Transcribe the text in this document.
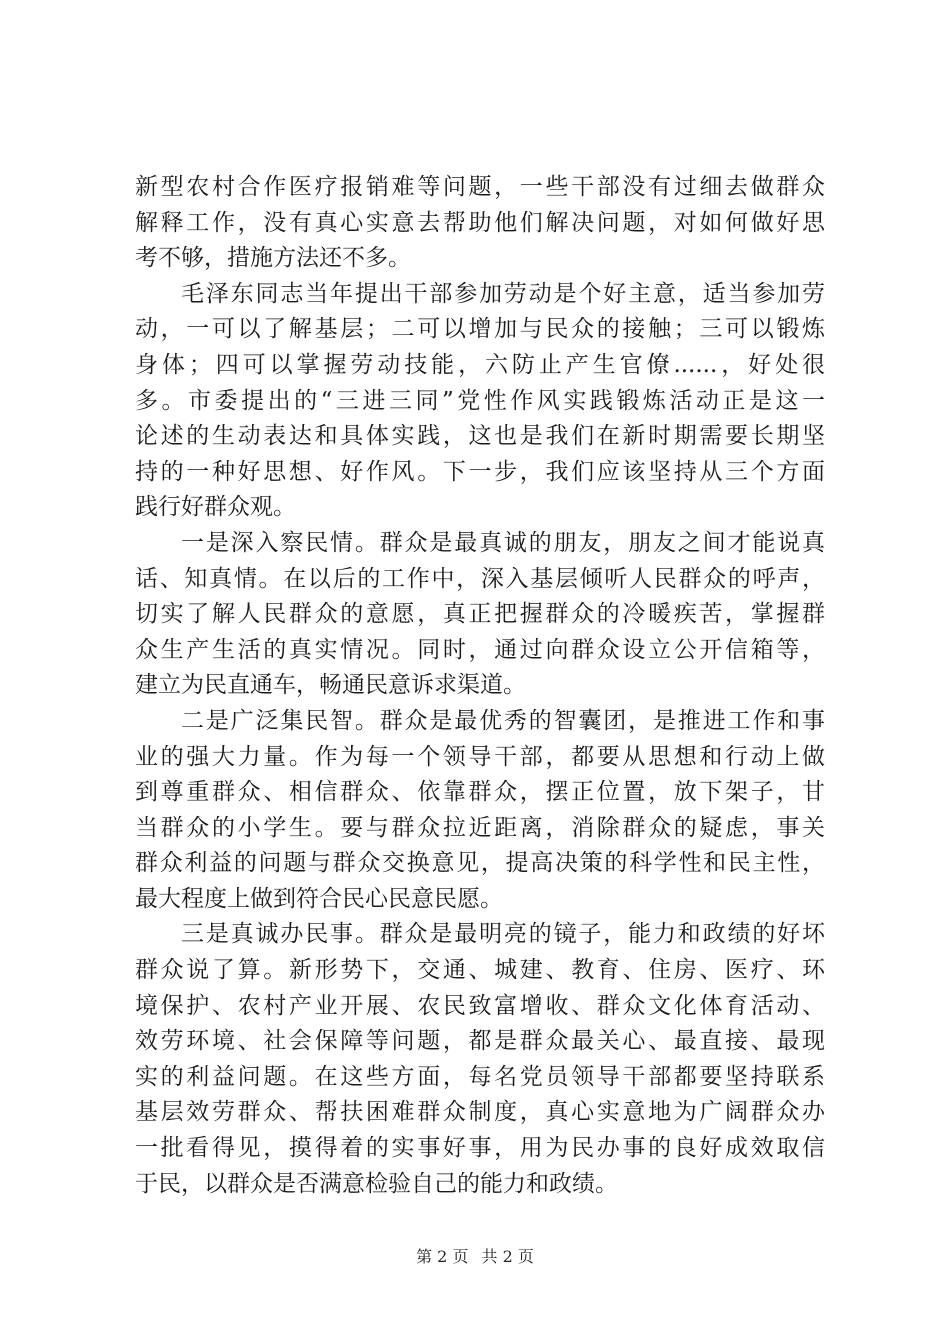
新型农村合作医疗报销难等问题，一些干部没有过细去做群众
解释工作，没有真心实意去帮助他们解决问题，对如何做好思
考不够，措施方法还不多。
毛泽东同志当年提出干部参加劳动是个好主意，适当参加劳
动，一可以了解基层；二可以增加与民众的接触；三可以锻炼
身体；四可以掌握劳动技能，六防止产生官僚......，好处很
多。市委提出的“三进三同”党性作风实践锻炼活动正是这一
论述的生动表达和具体实践，这也是我们在新时期需要长期坚
持的一种好思想、好作风。下一步，我们应该坚持从三个方面
践行好群众观。
一是深入察民情。群众是最真诚的朋友，朋友之间才能说真
话、知真情。在以后的工作中，深入基层倾听人民群众的呼声，
切实了解人民群众的意愿，真正把握群众的冷暖疾苦，掌握群
众生产生活的真实情况。同时，通过向群众设立公开信箱等，
建立为民直通车，畅通民意诉求渠道。
二是广泛集民智。群众是最优秀的智囊团，是推进工作和事
业的强大力量。作为每一个领导干部，都要从思想和行动上做
到尊重群众、相信群众、依靠群众，摆正位置，放下架子，甘
当群众的小学生。要与群众拉近距离，消除群众的疑虑，事关
群众利益的问题与群众交换意见，提高决策的科学性和民主性，
最大程度上做到符合民心民意民愿。
三是真诚办民事。群众是最明亮的镜子，能力和政绩的好坏
群众说了算。新形势下，交通、城建、教育、住房、医疗、环
境保护、农村产业开展、农民致富增收、群众文化体育活动、
效劳环境、社会保障等问题，都是群众最关心、最直接、最现
实的利益问题。在这些方面，每名党员领导干部都要坚持联系
基层效劳群众、帮扶困难群众制度，真心实意地为广阔群众办
一批看得见，摸得着的实事好事，用为民办事的良好成效取信
于民，以群众是否满意检验自己的能力和政绩。
第 2 页 共 2 页
